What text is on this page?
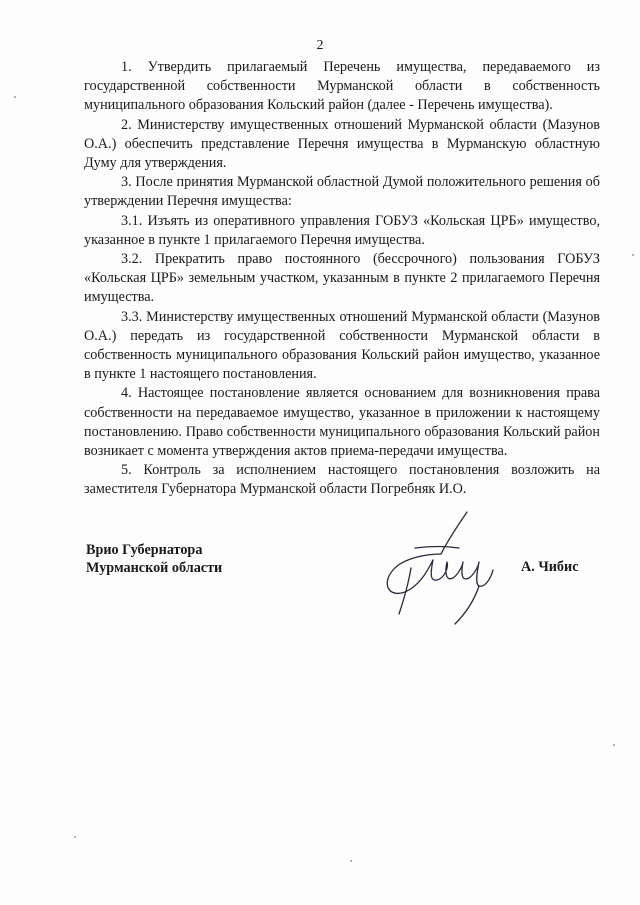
2

1. Утвердить прилагаемый Перечень имущества, передаваемого из государственной собственности Мурманской области в собственность муниципального образования Кольский район (далее - Перечень имущества).

2. Министерству имущественных отношений Мурманской области (Мазунов О.А.) обеспечить представление Перечня имущества в Мурманскую областную Думу для утверждения.

3. После принятия Мурманской областной Думой положительного решения об утверждении Перечня имущества:

3.1. Изъять из оперативного управления ГОБУЗ «Кольская ЦРБ» имущество, указанное в пункте 1 прилагаемого Перечня имущества.

3.2. Прекратить право постоянного (бессрочного) пользования ГОБУЗ «Кольская ЦРБ» земельным участком, указанным в пункте 2 прилагаемого Перечня имущества.

3.3. Министерству имущественных отношений Мурманской области (Мазунов О.А.) передать из государственной собственности Мурманской области в собственность муниципального образования Кольский район имущество, указанное в пункте 1 настоящего постановления.

4. Настоящее постановление является основанием для возникновения права собственности на передаваемое имущество, указанное в приложении к настоящему постановлению. Право собственности муниципального образования Кольский район возникает с момента утверждения актов приема-передачи имущества.

5. Контроль за исполнением настоящего постановления возложить на заместителя Губернатора Мурманской области Погребняк И.О.

Врио Губернатора
Мурманской области	А. Чибис
